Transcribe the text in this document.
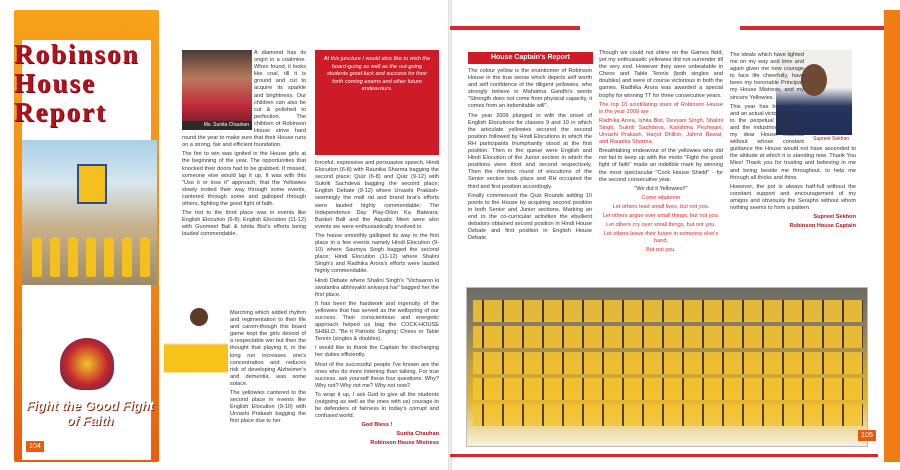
Robinson House Report
Fight the Good Fight of Faith
104
Ms. Sunita Chauhan

A diamond has its origin in a coalmine. When found, it looks like coal, till it is ground and cut to acquire its sparkle and brightness. Our children can also be cut & polished to perfection. The children of Robinson House strive hard round the year to make sure that their House runs on a strong, fair and efficient foundation.

The fire to win was ignited in the House girls at the beginning of the year. The opportunities that knocked their doors had to be grabbed. If missed, someone else would lap it up. It was with this "Use it or lose it" approach, that the Yellowies slowly trotted their way through some events, cantered through some and galloped through others, fighting the good fight of faith.

The trot to the third place was in events like English Elocution (6-8); English Elocution (11-12) with Gunmeet Bali & Ishita Bist's efforts being lauded commendable.

Marching which added rhythm and regimentation to their life and carom-though this board game kept the girls devoid of a respectable win but then the thought that playing it, in the long run increases one's concentration and reduces risk of developing Alzheimer's and dementia, was some solace.

The yellowies cantered to the second place in events like English Elocution (9-10) with Urvashi Prakash bagging the first place due to her

At this juncture I would also like to wish the board-going as well as the out-going students good-luck and success for their forth coming exams and other future endeavours.

forceful, expressive and persuasive speech, Hindi Elocution (6-8) with Raunika Sharma bagging the second place; Quiz (6-8) and Quiz (9-12) with Sukriti Sachdeva bagging the second place; English Debate (9-12) where Urvashi Prakash-seemingly the mall rat and brand brat's efforts were lauded highly commendable; The Independence Day Play-Dilon Ka Batwara; Basket Ball and the Aquatic Meet were also events we were enthusiastically involved in.

The house smoothly galloped its way to the first place in a few events namely Hindi Elocution (9-10) where Saumya Singh bagged the second place; Hindi Elocution (11-12) where Shalini Singh's and Radhika Arora's efforts were lauded highly commendable.

Hindi Debate where Shalini Singh's "Vichaaron ki swatantra abhivyakti anivarya hai" bagged her the first place.

It has been the hardwork and ingenuity of the yellowies that has served as the wellspring of our success. Their conscientious and energetic approach helped us bag the COCK-HOUSE SHIELD. "Be it Patriotic Singing; Chess or Table Tennis (singles & doubles).

I would like to thank the Captain for discharging her duties efficiently.

Most of the successful people I've known are the ones who do more listening than talking. For true success, ask yourself these four questions: Why? Why not? Why not me? Why not now?

To wrap it up, I ask God to give all the students (outgoing as well as the ones with us) courage to be defenders of fairness in today's corrupt and confused world.

God Bless !

Sunita Chauhan

Robinson House Mistress

House Captain's Report

The colour yellow is the enantiomer of Robinson House in the true sense which depicts self worth and self confidence of the diligent yellowies, who strongly believe in Mahatma Gandhi's words "Strength does not come from physical capacity, it comes from an indomitable will".

The year 2009 plunged in with the onset of English Elocutions for classes 9 and 10 in which the articulate yellowies secured the second position followed by Hindi Elocutions in which the RH participants triumphantly stood at the first position. Then in the queue were English and Hindi Elocution of the Junior section in which the positions were third and second respectively. Then the rhetoric round of elocutions of the Senior section took place and RH occupied the third and first position accordingly.

Finally commenced the Quiz Rounds adding 10 points to the House by acquiring second position in both Senior and Junior sections. Marking an end to the co-curricular activities the ebullient debators obtained second position in Hindi House Debate and first position in English House Debate.

Though we could not shine on the Games field, yet my enthusiastic yellowies did not surrender till the very end. However they were unbeatable in Chess and Table Tennis (both singles and doubles) and were of course victorious in both the games. Radhika Arora was awarded a special trophy for winning TT for three consecutive years.

The top 10 scintillating stars of Robinson House in the year 2009 are :

Radhika Arora, Ishita Bist, Devyani Singh, Shalini Singh, Sukriti Sachdeva, Karishma Peshwani, Urvashi Prakash, Harjot Dhillon, Jahnvi Rawat, and Raunika Sharma.

Breathtaking endeavour of the yellowies who did not fail to keep up with the motto "Fight the good fight of faith" made an indelible mark by winning the most spectacular "Cock House Shield" - for the second consecutive year.

"We did it Yellowies!!"

Come whatever

Let others lead small lives, but not you.

Let others argue over small things, but not you.

Let others cry over small things, but not you.

Let others leave their future in someone else's hand,

But not you.

Supreet Sekhon

The ideals which have lighted me on my way and time and again given me new courage to face life cheerfully, have been my honorable Principal, my House Mistress, and my sincere Yellowies.

This year has been fruitful and an actual victory only due to the perpetual assistance and the industrious labor of my dear House Mistress without whose constant guidance the House would not have ascended to the altitude at which it is standing now. Thank You Miss! Thank you for trusting and believing in me and being beside me throughout, to help me through all thicks and thins.

However, the pot is always half-full without the constant support and encouragement of my amigos and obviously the Seraphs without whom nothing seems to form a pattern.

Supreet Sekhon

Robinson House Captain

105
